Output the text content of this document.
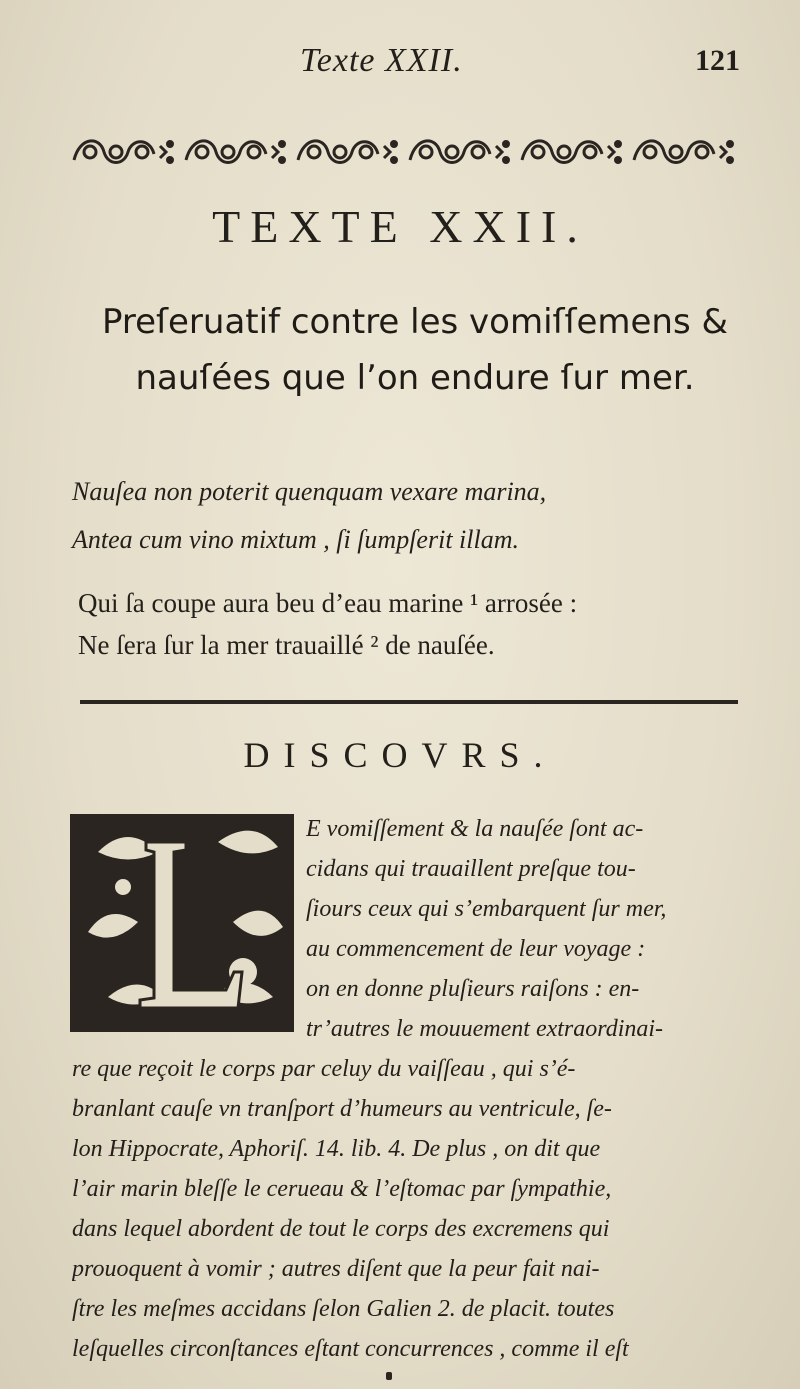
Texte XXII.	121
TEXTE XXII.
Preſeruatif contre les vomiſſemens &
nauſées que l’on endure ſur mer.
Nauſea non poterit quenquam vexare marina,
Antea cum vino mixtum , ſi ſumpſerit illam.
Qui ſa coupe aura beu d’eau marine ¹ arrosée :
Ne ſera ſur la mer trauaillé ² de nauſée.
DISCOVRS.
L
E vomiſſement & la nauſée ſont ac-
cidans qui trauaillent preſque tou-
ſiours ceux qui s’embarquent ſur mer,
au commencement de leur voyage :
on en donne pluſieurs raiſons : en-
tr’autres le mouuement extraordinai-
re que reçoit le corps par celuy du vaiſſeau , qui s’é-
branlant cauſe vn tranſport d’humeurs au ventricule, ſe-
lon Hippocrate, Aphoriſ. 14. lib. 4. De plus , on dit que
l’air marin bleſſe le cerueau & l’eſtomac par ſympathie,
dans lequel abordent de tout le corps des excremens qui
prouoquent à vomir ; autres diſent que la peur fait nai-
ſtre les meſmes accidans ſelon Galien 2. de placit. toutes
leſquelles circonſtances eſtant concurrences , comme il eſt
